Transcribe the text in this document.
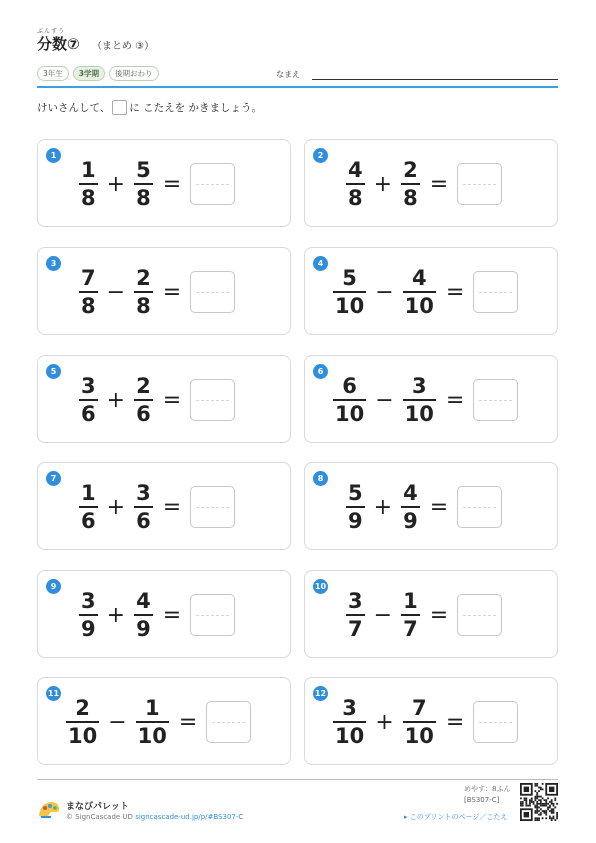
ぶんすう
分数⑦ （まとめ ③）
3年生	3学期	後期おわり	なまえ
けいさんして、 に こたえを かきましょう。
1
$\frac{1}{8} + \frac{5}{8}$ =
2
$\frac{4}{8} + \frac{2}{8}$ =
3
$\frac{7}{8} - \frac{2}{8}$ =
4
$\frac{5}{10} - \frac{4}{10}$ =
5
$\frac{3}{6} + \frac{2}{6}$ =
6
$\frac{6}{10} - \frac{3}{10}$ =
7
$\frac{1}{6} + \frac{3}{6}$ =
8
$\frac{5}{9} + \frac{4}{9}$ =
9
$\frac{3}{9} + \frac{4}{9}$ =
10
$\frac{3}{7} - \frac{1}{7}$ =
11
$\frac{2}{10} - \frac{1}{10}$ =
12
$\frac{3}{10} + \frac{7}{10}$ =
まなびパレット
© SignCascade UD signcascade-ud.jp/p/#BS307-C
めやす：8ふん
[BS307-C]
▸ このプリントのページ／こたえ
